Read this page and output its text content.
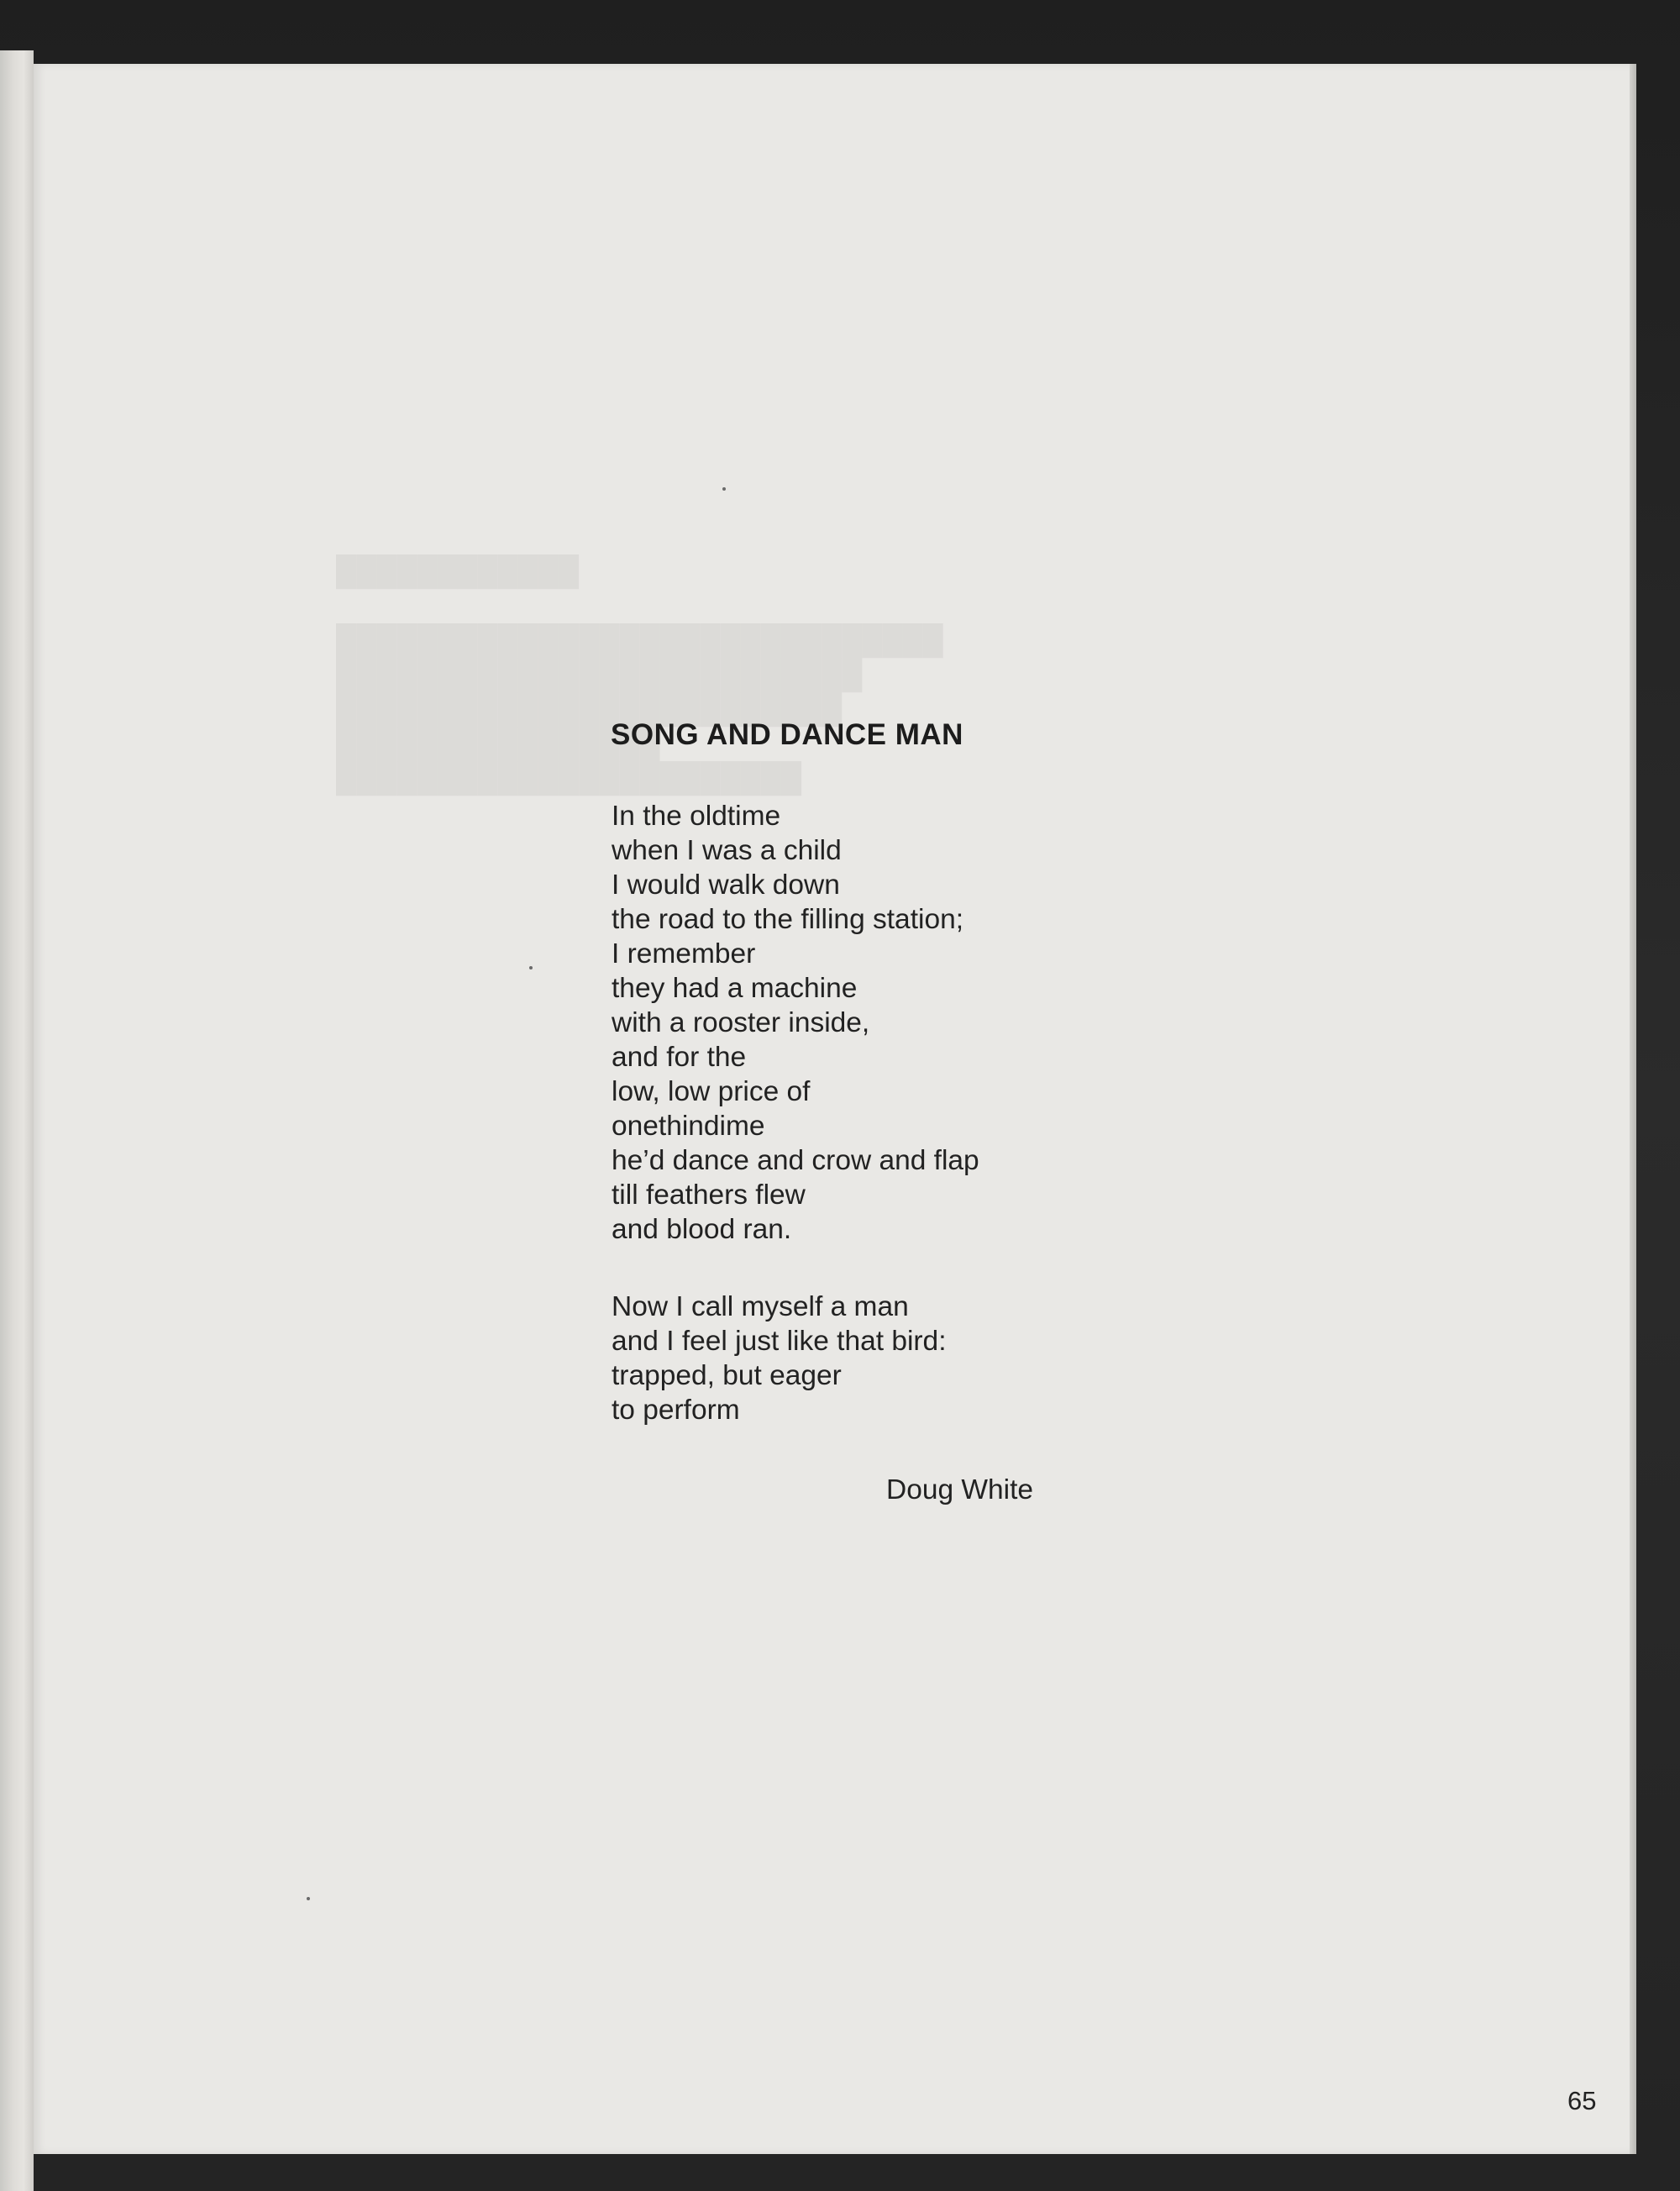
████████████

██████████████████████████████
██████████████████████████
█████████████████████████
████████████████
███████████████████████
SONG AND DANCE MAN
In the oldtime
when I was a child
I would walk down
the road to the filling station;
I remember
they had a machine
with a rooster inside,
and for the
low, low price of
onethindime
he’d dance and crow and flap
till feathers flew
and blood ran.
Now I call myself a man
and I feel just like that bird:
trapped, but eager
to perform
Doug White
65
